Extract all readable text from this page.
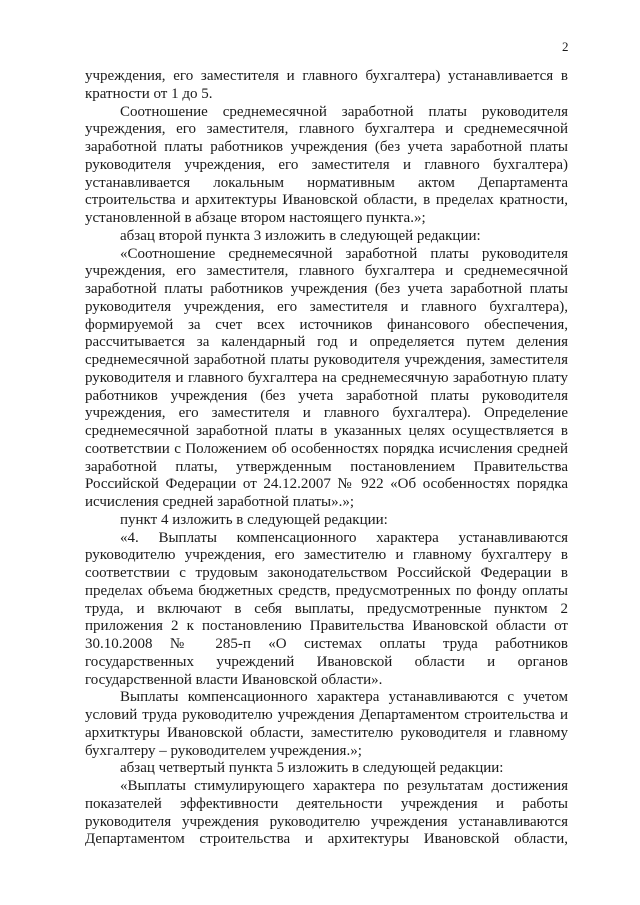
2

учреждения, его заместителя и главного бухгалтера) устанавливается в кратности от 1 до 5.

Соотношение среднемесячной заработной платы руководителя учреждения, его заместителя, главного бухгалтера и среднемесячной заработной платы работников учреждения (без учета заработной платы руководителя учреждения, его заместителя и главного бухгалтера) устанавливается локальным нормативным актом Департамента строительства и архитектуры Ивановской области, в пределах кратности, установленной в абзаце втором настоящего пункта.»;

абзац второй пункта 3 изложить в следующей редакции:

«Соотношение среднемесячной заработной платы руководителя учреждения, его заместителя, главного бухгалтера и среднемесячной заработной платы работников учреждения (без учета заработной платы руководителя учреждения, его заместителя и главного бухгалтера), формируемой за счет всех источников финансового обеспечения, рассчитывается за календарный год и определяется путем деления среднемесячной заработной платы руководителя учреждения, заместителя руководителя и главного бухгалтера на среднемесячную заработную плату работников учреждения (без учета заработной платы руководителя учреждения, его заместителя и главного бухгалтера). Определение среднемесячной заработной платы в указанных целях осуществляется в соответствии с Положением об особенностях порядка исчисления средней заработной платы, утвержденным постановлением Правительства Российской Федерации от 24.12.2007 № 922 «Об особенностях порядка исчисления средней заработной платы».»;

пункт 4 изложить в следующей редакции:

«4. Выплаты компенсационного характера устанавливаются руководителю учреждения, его заместителю и главному бухгалтеру в соответствии с трудовым законодательством Российской Федерации в пределах объема бюджетных средств, предусмотренных по фонду оплаты труда, и включают в себя выплаты, предусмотренные пунктом 2 приложения 2 к постановлению Правительства Ивановской области от 30.10.2008 № 285-п «О системах оплаты труда работников государственных учреждений Ивановской области и органов государственной власти Ивановской области».

Выплаты компенсационного характера устанавливаются с учетом условий труда руководителю учреждения Департаментом строительства и архитктуры Ивановской области, заместителю руководителя и главному бухгалтеру – руководителем учреждения.»;

абзац четвертый пункта 5 изложить в следующей редакции:

«Выплаты стимулирующего характера по результатам достижения показателей эффективности деятельности учреждения и работы руководителя учреждения руководителю учреждения устанавливаются Департаментом строительства и архитектуры Ивановской области,
